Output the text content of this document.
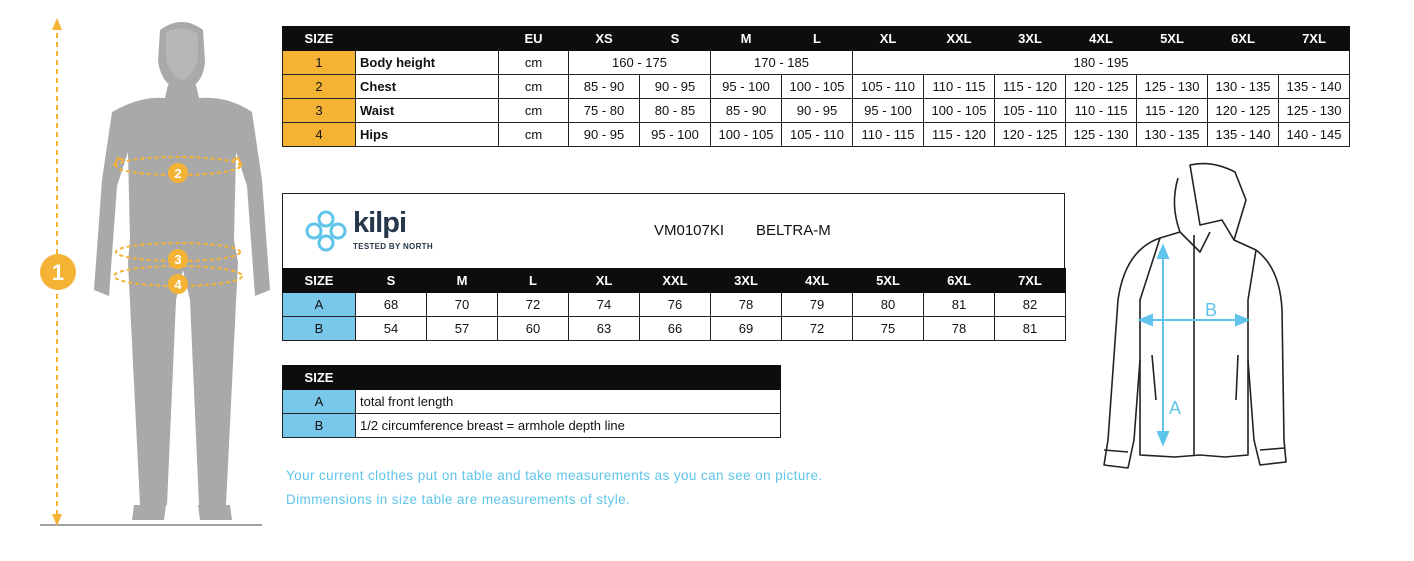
1
2
3
4
SIZE		EU	XS	S	M	L	XL	XXL	3XL	4XL	5XL	6XL	7XL
1	Body height	cm	160 - 175		170 - 185		180 - 195						
2	Chest	cm	85 - 90	90 - 95	95 - 100	100 - 105	105 - 110	110 - 115	115 - 120	120 - 125	125 - 130	130 - 135	135 - 140
3	Waist	cm	75 - 80	80 - 85	85 - 90	90 - 95	95 - 100	100 - 105	105 - 110	110 - 115	115 - 120	120 - 125	125 - 130
4	Hips	cm	90 - 95	95 - 100	100 - 105	105 - 110	110 - 115	115 - 120	120 - 125	125 - 130	130 - 135	135 - 140	140 - 145
kilpi
TESTED BY NORTH
VM0107KI BELTRA-M
SIZE	S	M	L	XL	XXL	3XL	4XL	5XL	6XL	7XL
A	68	70	72	74	76	78	79	80	81	82
B	54	57	60	63	66	69	72	75	78	81
SIZE	
A	total front length
B	1/2 circumference breast = armhole depth line
Your current clothes put on table and take measurements as you can see on picture.
Dimmensions in size table are measurements of style.
A
B
